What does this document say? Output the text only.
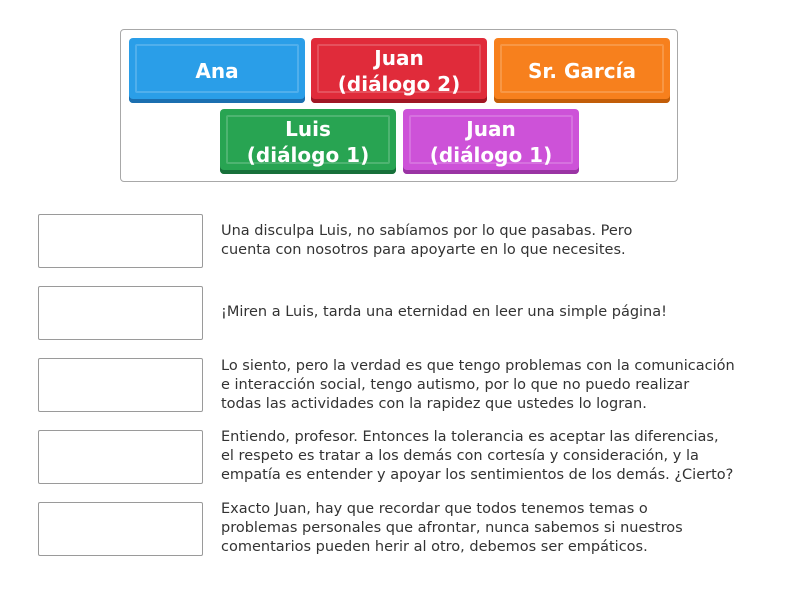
Ana
Juan
(diálogo 2)
Sr. García
Luis
(diálogo 1)
Juan
(diálogo 1)
Una disculpa Luis, no sabíamos por lo que pasabas. Pero
cuenta con nosotros para apoyarte en lo que necesites.
¡Miren a Luis, tarda una eternidad en leer una simple página!
Lo siento, pero la verdad es que tengo problemas con la comunicación
e interacción social, tengo autismo, por lo que no puedo realizar
todas las actividades con la rapidez que ustedes lo logran.
Entiendo, profesor. Entonces la tolerancia es aceptar las diferencias,
el respeto es tratar a los demás con cortesía y consideración, y la
empatía es entender y apoyar los sentimientos de los demás. ¿Cierto?
Exacto Juan, hay que recordar que todos tenemos temas o
problemas personales que afrontar, nunca sabemos si nuestros
comentarios pueden herir al otro, debemos ser empáticos.
